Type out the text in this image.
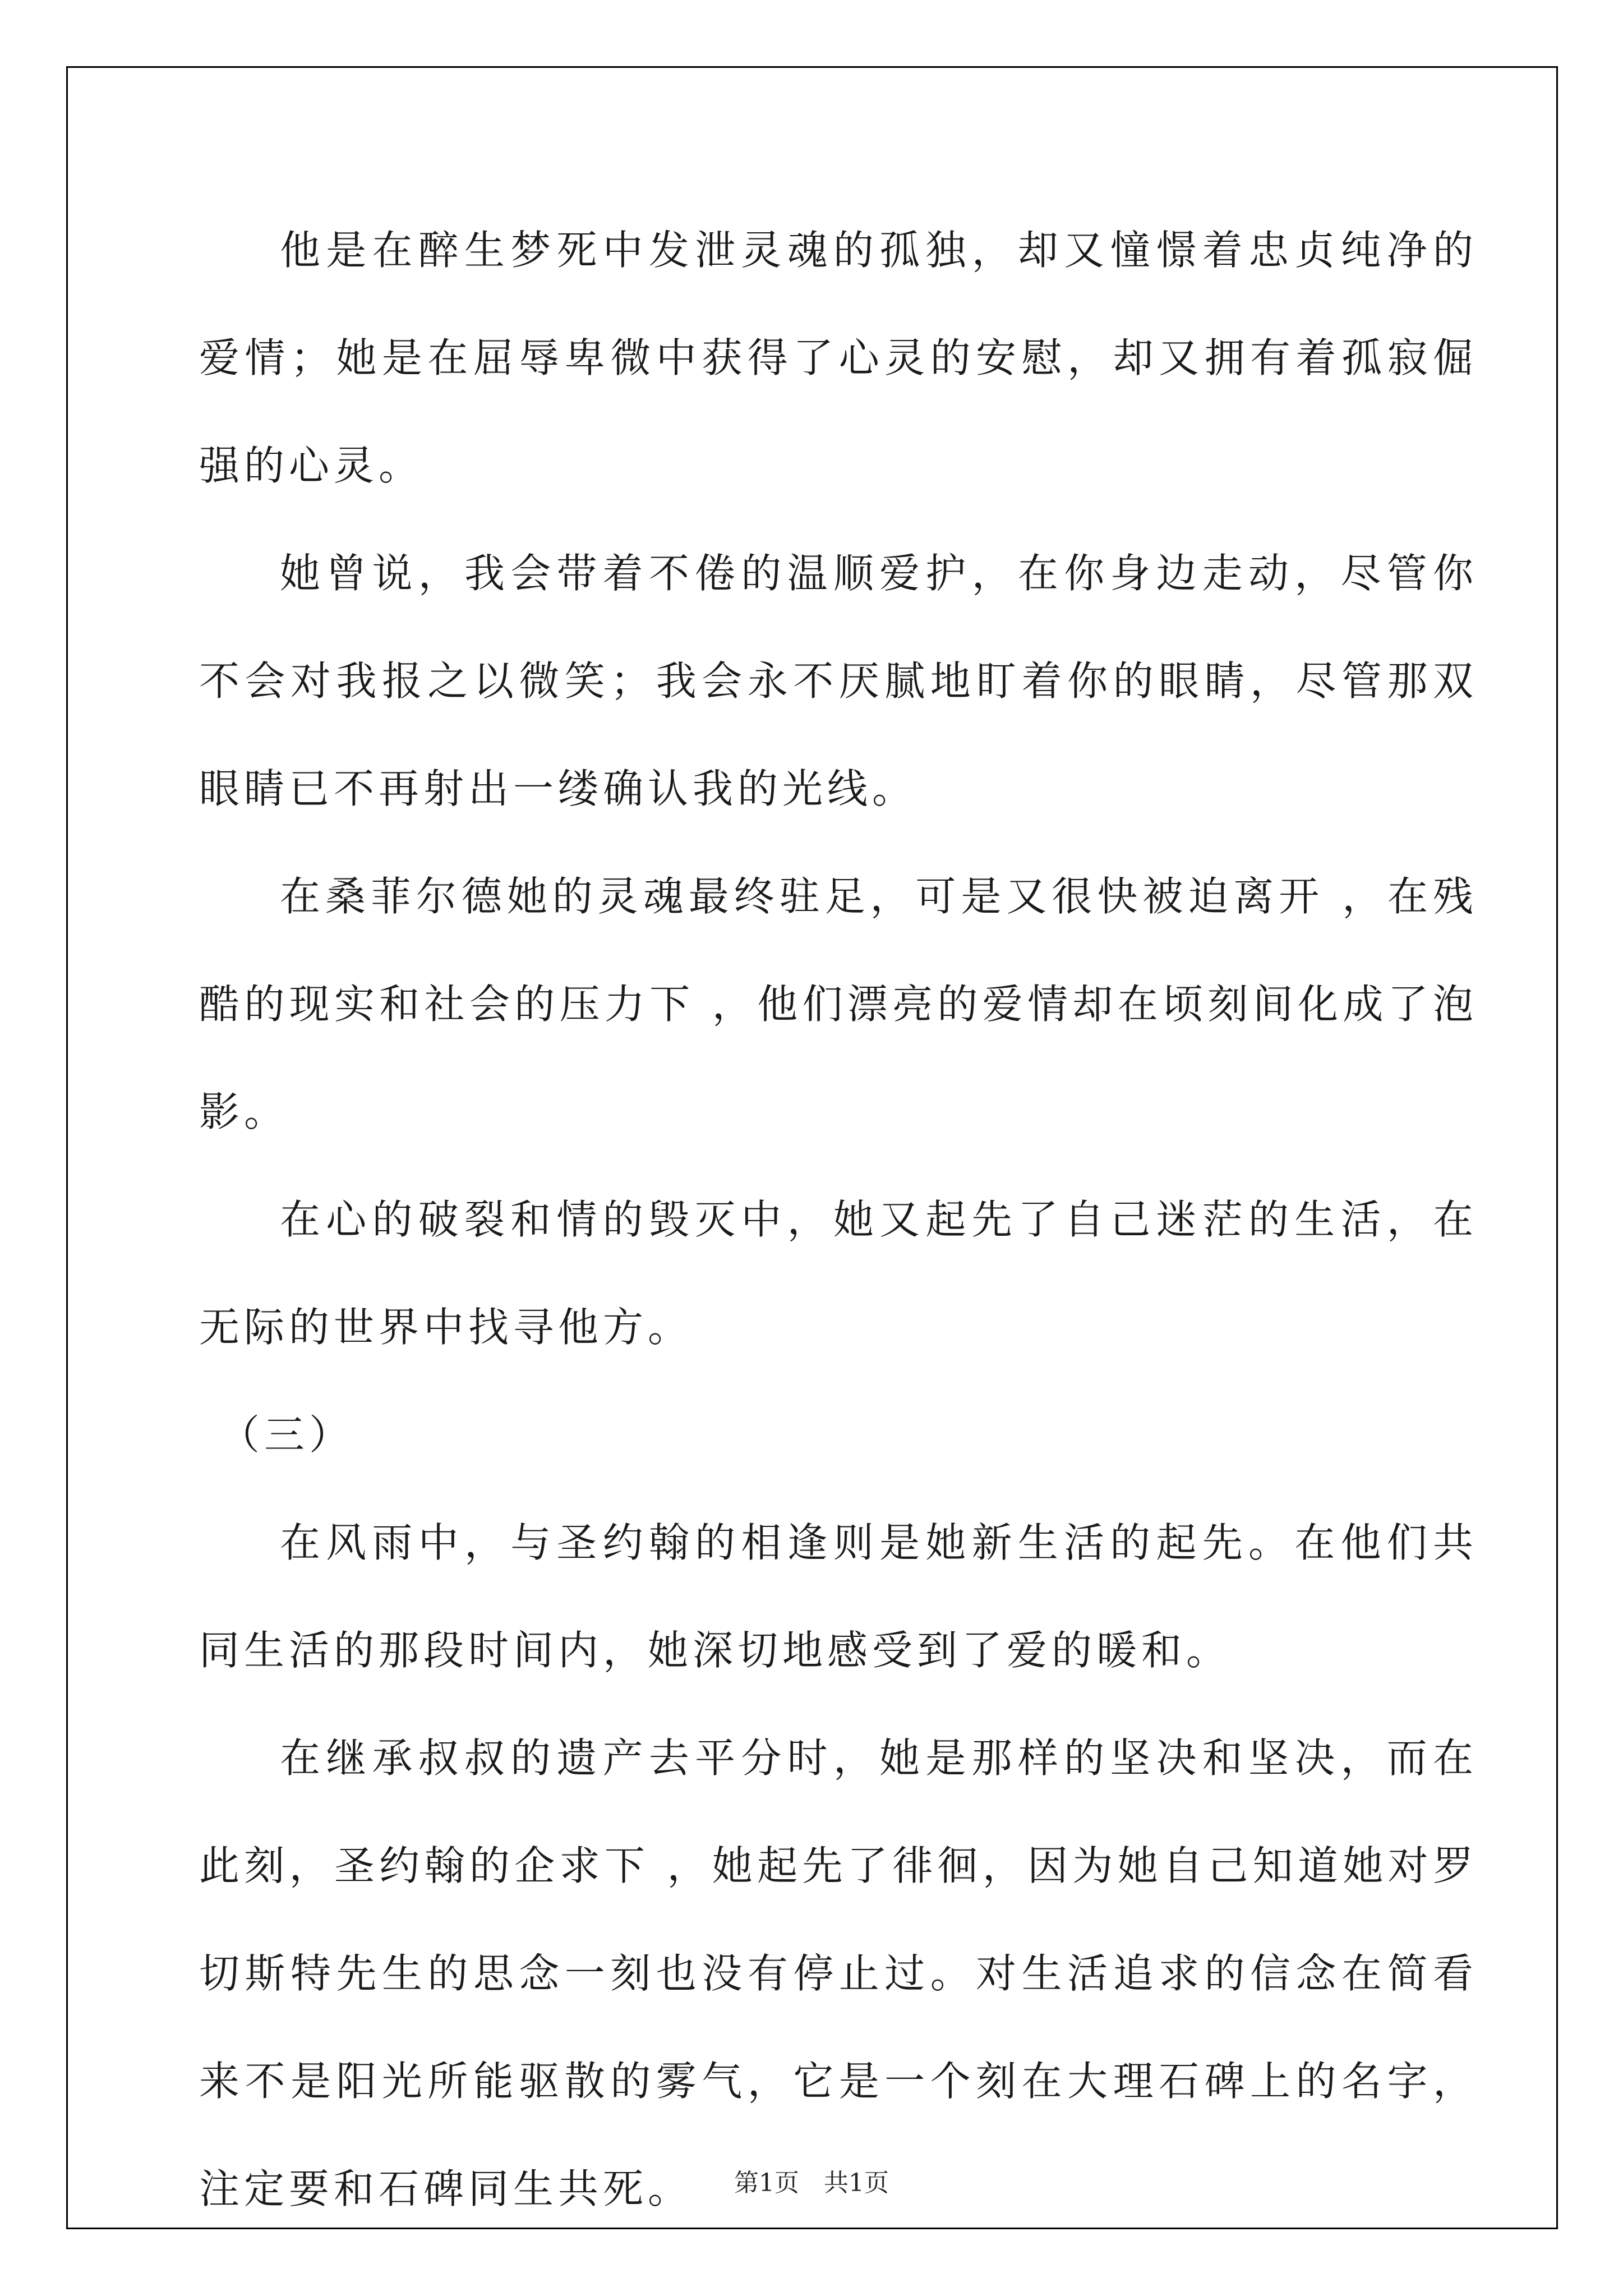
他是在醉生梦死中发泄灵魂的孤独，却又憧憬着忠贞纯净的爱情；她是在屈辱卑微中获得了心灵的安慰，却又拥有着孤寂倔强的心灵。

她曾说，我会带着不倦的温顺爱护，在你身边走动，尽管你不会对我报之以微笑；我会永不厌腻地盯着你的眼睛，尽管那双眼睛已不再射出一缕确认我的光线。

在桑菲尔德她的灵魂最终驻足，可是又很快被迫离开 ，在残酷的现实和社会的压力下 ，他们漂亮的爱情却在顷刻间化成了泡影。

在心的破裂和情的毁灭中，她又起先了自己迷茫的生活，在无际的世界中找寻他方。

（三）

在风雨中，与圣约翰的相逢则是她新生活的起先。在他们共同生活的那段时间内，她深切地感受到了爱的暖和。

在继承叔叔的遗产去平分时，她是那样的坚决和坚决，而在此刻，圣约翰的企求下 ，她起先了徘徊，因为她自己知道她对罗切斯特先生的思念一刻也没有停止过。对生活追求的信念在简看来不是阳光所能驱散的雾气，它是一个刻在大理石碑上的名字，注定要和石碑同生共死。	第1页　共1页
